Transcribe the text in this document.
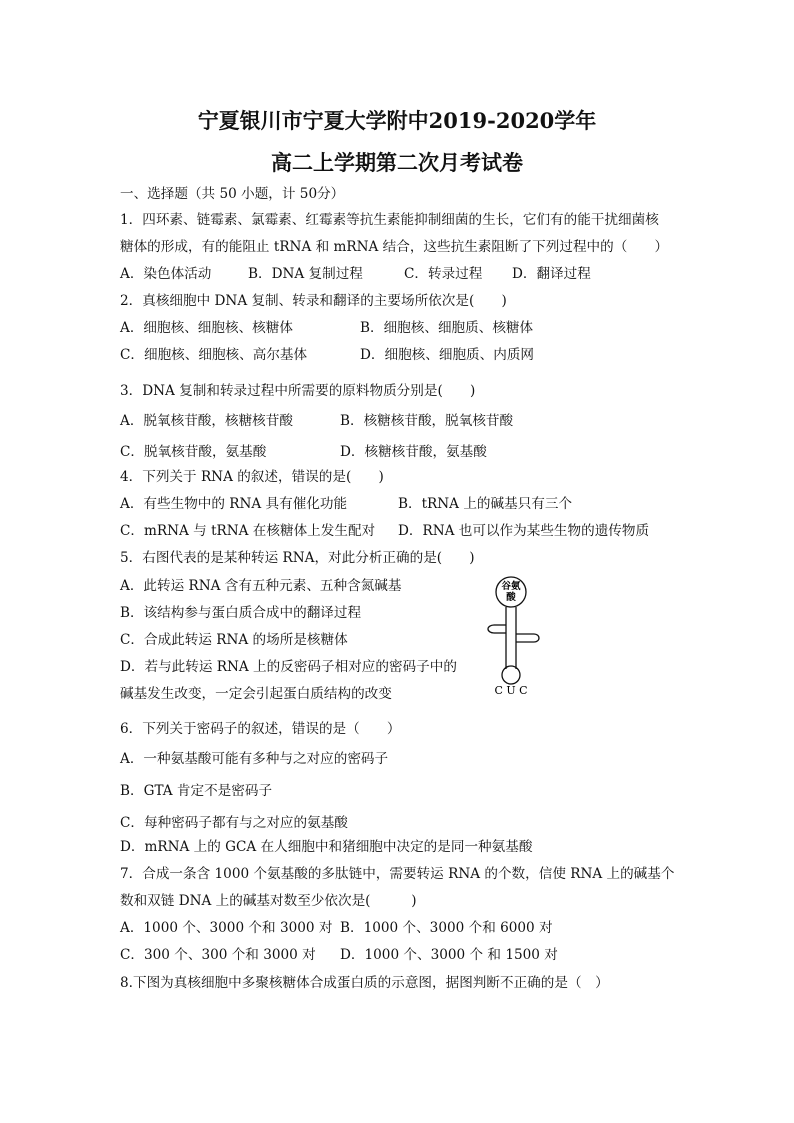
宁夏银川市宁夏大学附中2019-2020学年
高二上学期第二次月考试卷
一、选择题（共 50 小题，计 50分）
1．四环素、链霉素、氯霉素、红霉素等抗生素能抑制细菌的生长，它们有的能干扰细菌核
糖体的形成，有的能阻止 tRNA 和 mRNA 结合，这些抗生素阻断了下列过程中的（　　）
A．染色体活动	B．DNA 复制过程	C．转录过程 D．翻译过程
2．真核细胞中 DNA 复制、转录和翻译的主要场所依次是(　　)
A．细胞核、细胞核、核糖体	B．细胞核、细胞质、核糖体
C．细胞核、细胞核、高尔基体	D．细胞核、细胞质、内质网
3．DNA 复制和转录过程中所需要的原料物质分别是(　　)
A．脱氧核苷酸，核糖核苷酸	B．核糖核苷酸，脱氧核苷酸
C．脱氧核苷酸，氨基酸	D．核糖核苷酸，氨基酸
4．下列关于 RNA 的叙述，错误的是(　　)
A．有些生物中的 RNA 具有催化功能	B．tRNA 上的碱基只有三个
C．mRNA 与 tRNA 在核糖体上发生配对 D．RNA 也可以作为某些生物的遗传物质
5．右图代表的是某种转运 RNA，对此分析正确的是(　　)
A．此转运 RNA 含有五种元素、五种含氮碱基
B．该结构参与蛋白质合成中的翻译过程
C．合成此转运 RNA 的场所是核糖体
D．若与此转运 RNA 上的反密码子相对应的密码子中的
碱基发生改变，一定会引起蛋白质结构的改变
谷氨
酸
C U C
6．下列关于密码子的叙述，错误的是（　　）
A．一种氨基酸可能有多种与之对应的密码子
B．GTA 肯定不是密码子
C．每种密码子都有与之对应的氨基酸
D．mRNA 上的 GCA 在人细胞中和猪细胞中决定的是同一种氨基酸
7．合成一条含 1000 个氨基酸的多肽链中，需要转运 RNA 的个数，信使 RNA 上的碱基个
数和双链 DNA 上的碱基对数至少依次是(　　　)
A．1000 个、3000 个和 3000 对 B．1000 个、3000 个和 6000 对
C．300 个、300 个和 3000 对 D．1000 个、3000 个 和 1500 对
8.下图为真核细胞中多聚核糖体合成蛋白质的示意图，据图判断不正确的是（　）
